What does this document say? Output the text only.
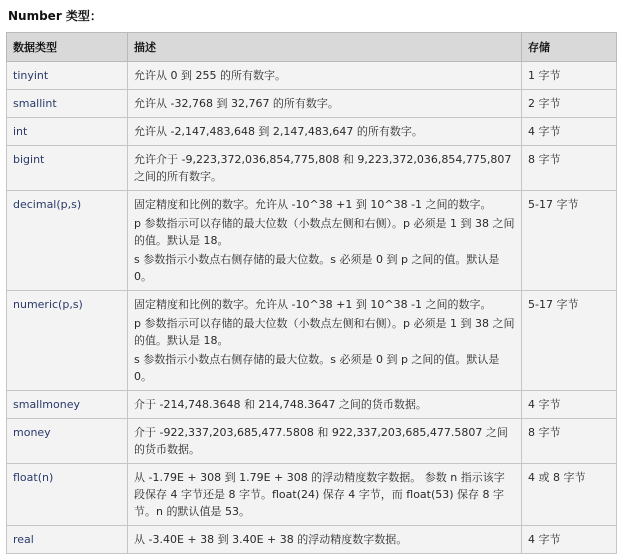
Number 类型：
数据类型	描述	存储
tinyint	允许从 0 到 255 的所有数字。	1 字节
smallint	允许从 -32,768 到 32,767 的所有数字。	2 字节
int	允许从 -2,147,483,648 到 2,147,483,647 的所有数字。	4 字节
bigint	允许介于 -9,223,372,036,854,775,808 和 9,223,372,036,854,775,807 之间的所有数字。	8 字节
decimal(p,s)	固定精度和比例的数字。允许从 -10^38 +1 到 10^38 -1 之间的数字。

p 参数指示可以存储的最大位数（小数点左侧和右侧）。p 必须是 1 到 38 之间的值。默认是 18。

s 参数指示小数点右侧存储的最大位数。s 必须是 0 到 p 之间的值。默认是 0。	5-17 字节
numeric(p,s)	固定精度和比例的数字。允许从 -10^38 +1 到 10^38 -1 之间的数字。

p 参数指示可以存储的最大位数（小数点左侧和右侧）。p 必须是 1 到 38 之间的值。默认是 18。

s 参数指示小数点右侧存储的最大位数。s 必须是 0 到 p 之间的值。默认是 0。	5-17 字节
smallmoney	介于 -214,748.3648 和 214,748.3647 之间的货币数据。	4 字节
money	介于 -922,337,203,685,477.5808 和 922,337,203,685,477.5807 之间的货币数据。	8 字节
float(n)	从 -1.79E + 308 到 1.79E + 308 的浮动精度数字数据。 参数 n 指示该字段保存 4 字节还是 8 字节。float(24) 保存 4 字节，而 float(53) 保存 8 字节。n 的默认值是 53。	4 或 8 字节
real	从 -3.40E + 38 到 3.40E + 38 的浮动精度数字数据。	4 字节
